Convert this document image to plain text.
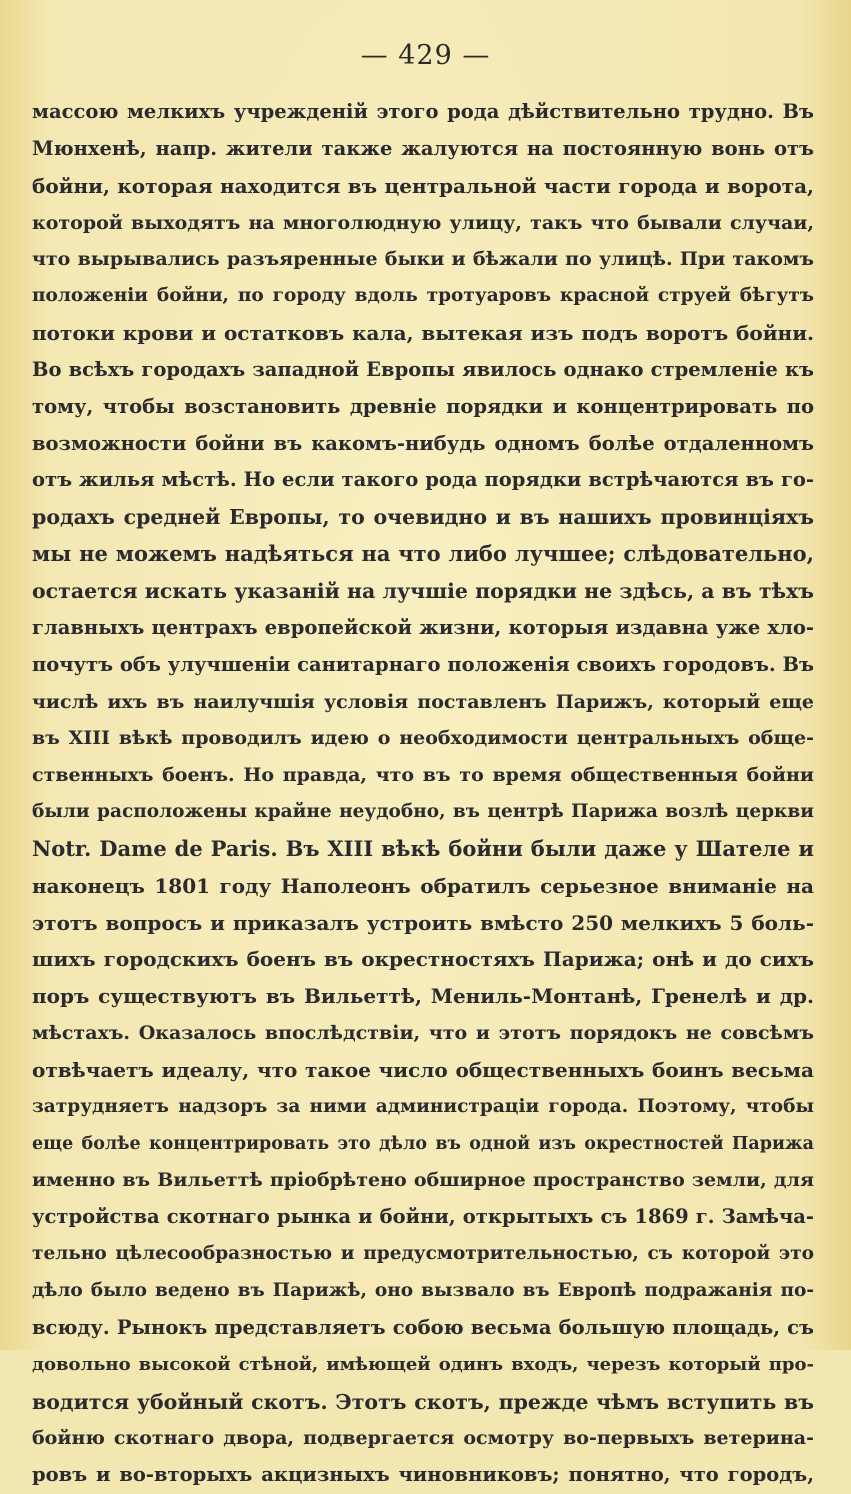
— 429 —
массою мелкихъ учрежденій этого рода дѣйствительно трудно. Въ
Мюнхенѣ, напр. жители также жалуются на постоянную вонь отъ
бойни, которая находится въ центральной части города и ворота,
которой выходятъ на многолюдную улицу, такъ что бывали случаи,
что вырывались разъяренные быки и бѣжали по улицѣ. При такомъ
положеніи бойни, по городу вдоль тротуаровъ красной струей бѣгутъ
потоки крови и остатковъ кала, вытекая изъ подъ воротъ бойни.
Во всѣхъ городахъ западной Европы явилось однако стремленіе къ
тому, чтобы возстановить древніе порядки и концентрировать по
возможности бойни въ какомъ-нибудь одномъ болѣе отдаленномъ
отъ жилья мѣстѣ. Но если такого рода порядки встрѣчаются въ го-
родахъ средней Европы, то очевидно и въ нашихъ провинціяхъ
мы не можемъ надѣяться на что либо лучшее; слѣдовательно,
остается искать указаній на лучшіе порядки не здѣсь, а въ тѣхъ
главныхъ центрахъ европейской жизни, которыя издавна уже хло-
почутъ объ улучшеніи санитарнаго положенія своихъ городовъ. Въ
числѣ ихъ въ наилучшія условія поставленъ Парижъ, который еще
въ XIII вѣкѣ проводилъ идею о необходимости центральныхъ обще-
ственныхъ боенъ. Но правда, что въ то время общественныя бойни
были расположены крайне неудобно, въ центрѣ Парижа возлѣ церкви
Notr. Dame de Paris. Въ XIII вѣкѣ бойни были даже у Шателе и
наконецъ 1801 году Наполеонъ обратилъ серьезное вниманіе на
этотъ вопросъ и приказалъ устроить вмѣсто 250 мелкихъ 5 боль-
шихъ городскихъ боенъ въ окрестностяхъ Парижа; онѣ и до сихъ
поръ существуютъ въ Вильеттѣ, Мениль-Монтанѣ, Гренелѣ и др.
мѣстахъ. Оказалось впослѣдствіи, что и этотъ порядокъ не совсѣмъ
отвѣчаетъ идеалу, что такое число общественныхъ боинъ весьма
затрудняетъ надзоръ за ними администраціи города. Поэтому, чтобы
еще болѣе концентрировать это дѣло въ одной изъ окрестностей Парижа
именно въ Вильеттѣ пріобрѣтено обширное пространство земли, для
устройства скотнаго рынка и бойни, открытыхъ съ 1869 г. Замѣча-
тельно цѣлесообразностью и предусмотрительностью, съ которой это
дѣло было ведено въ Парижѣ, оно вызвало въ Европѣ подражанія по-
всюду. Рынокъ представляетъ собою весьма большую площадь, съ
довольно высокой стѣной, имѣющей одинъ входъ, черезъ который про-
водится убойный скотъ. Этотъ скотъ, прежде чѣмъ вступить въ
бойню скотнаго двора, подвергается осмотру во-первыхъ ветерина-
ровъ и во-вторыхъ акцизныхъ чиновниковъ; понятно, что городъ,
